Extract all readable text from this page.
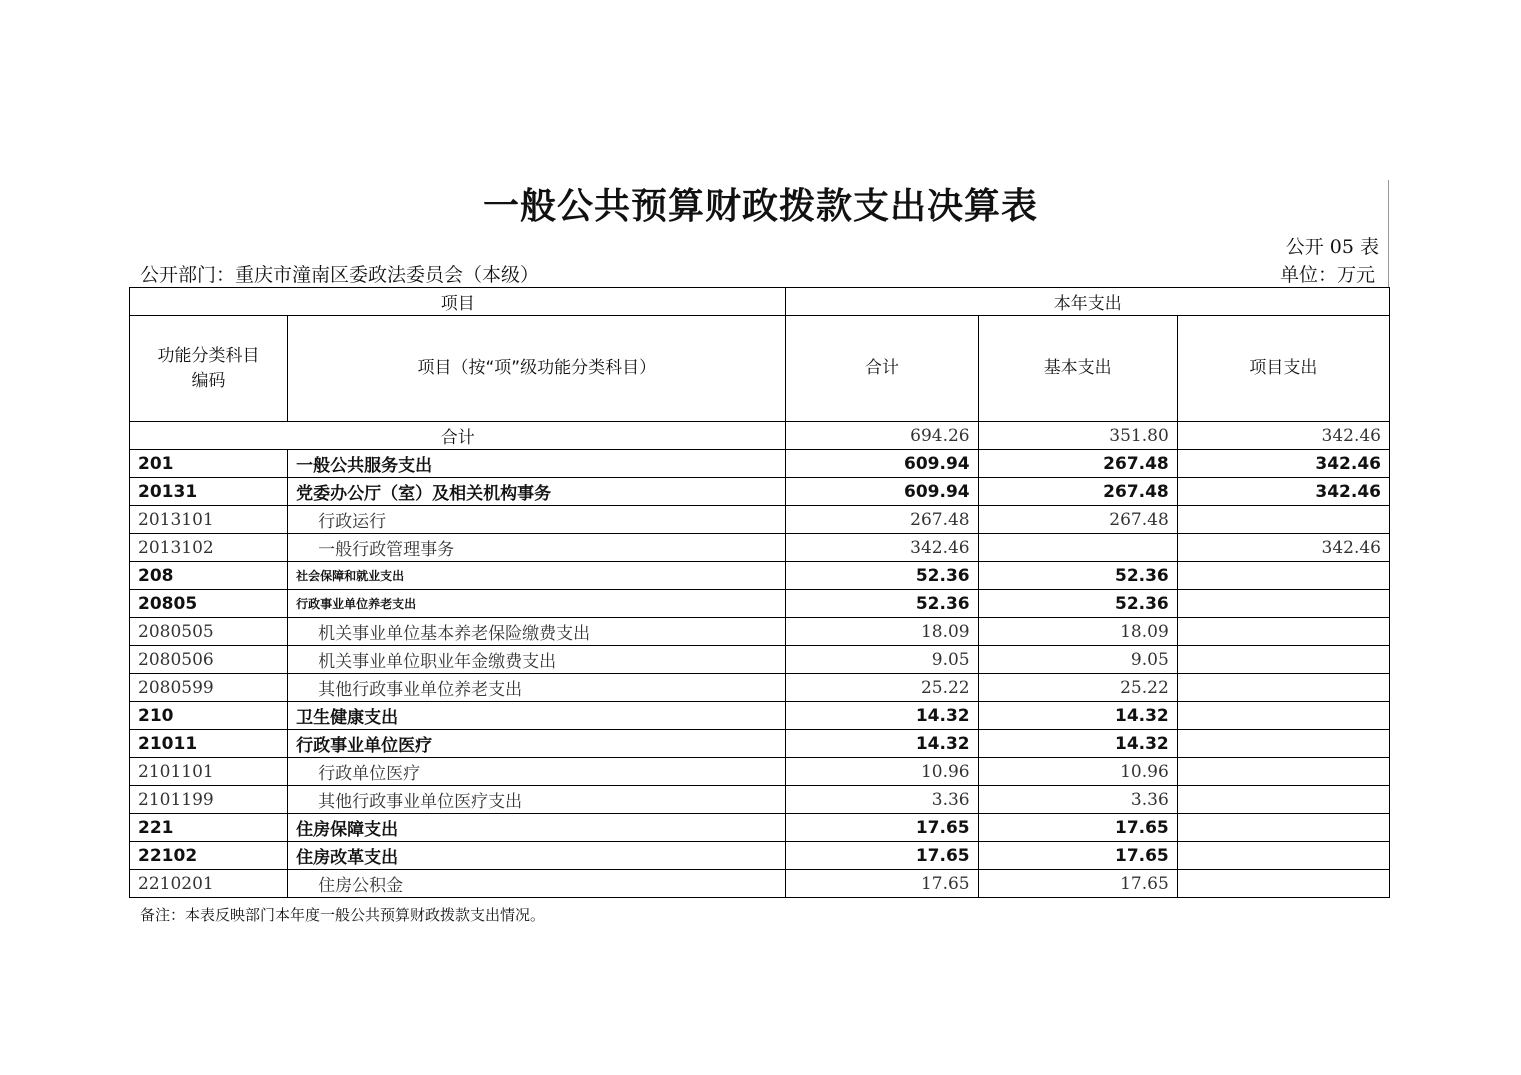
一般公共预算财政拨款支出决算表
公开 05 表
公开部门：重庆市潼南区委政法委员会（本级）	单位：万元
项目		本年支出		
功能分类科目编码	项目（按“项”级功能分类科目）	合计	基本支出	项目支出
合计		694.26	351.80	342.46
201	一般公共服务支出	609.94	267.48	342.46
20131	党委办公厅（室）及相关机构事务	609.94	267.48	342.46
2013101	行政运行	267.48	267.48	
2013102	一般行政管理事务	342.46		342.46
208	社会保障和就业支出	52.36	52.36	
20805	行政事业单位养老支出	52.36	52.36	
2080505	机关事业单位基本养老保险缴费支出	18.09	18.09	
2080506	机关事业单位职业年金缴费支出	9.05	9.05	
2080599	其他行政事业单位养老支出	25.22	25.22	
210	卫生健康支出	14.32	14.32	
21011	行政事业单位医疗	14.32	14.32	
2101101	行政单位医疗	10.96	10.96	
2101199	其他行政事业单位医疗支出	3.36	3.36	
221	住房保障支出	17.65	17.65	
22102	住房改革支出	17.65	17.65	
2210201	住房公积金	17.65	17.65	
备注：本表反映部门本年度一般公共预算财政拨款支出情况。
